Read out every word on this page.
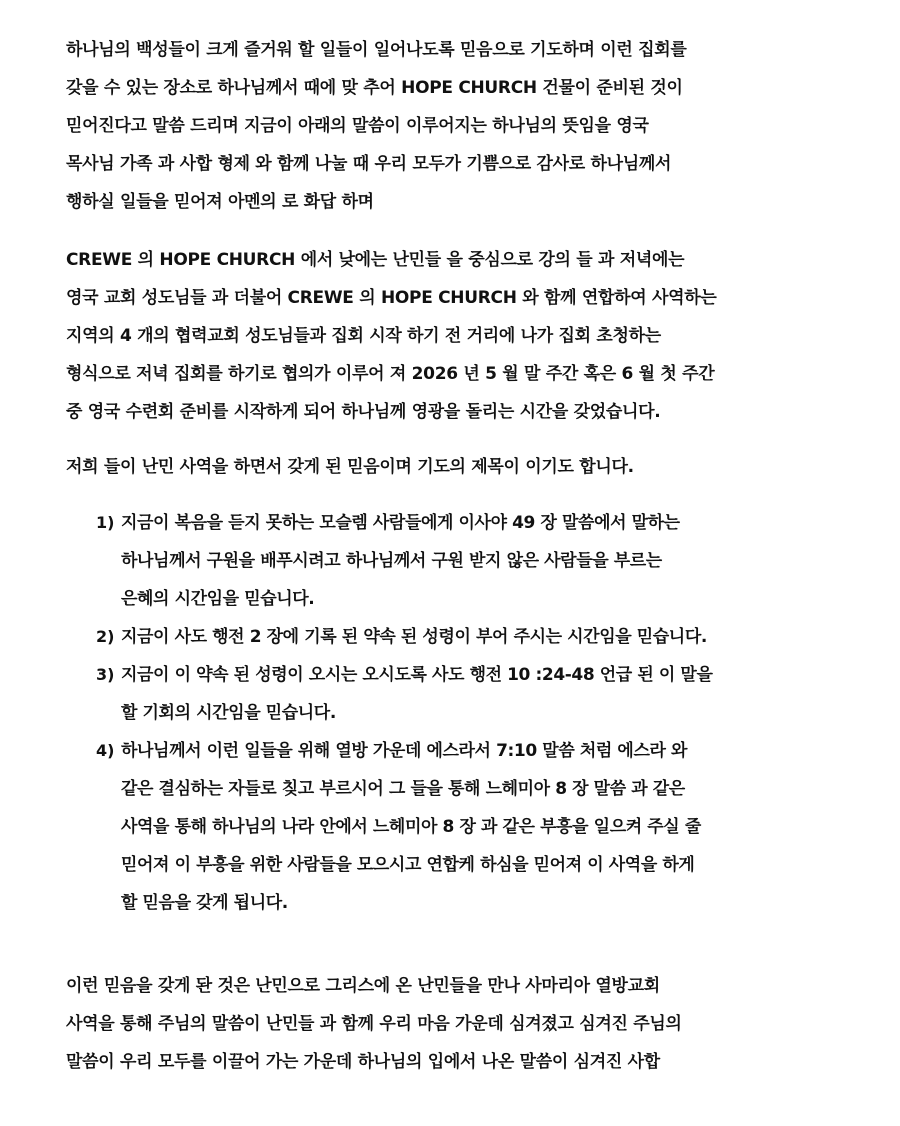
하나님의 백성들이 크게 즐거워 할 일들이 일어나도록 믿음으로 기도하며 이런 집회를
갖을 수 있는 장소로 하나님께서 때에 맞 추어 HOPE CHURCH 건물이 준비된 것이
믿어진다고 말씀 드리며 지금이 아래의 말씀이 이루어지는 하나님의 뜻임을 영국
목사님 가족 과 사합 형제 와 함께 나눌 때 우리 모두가 기쁨으로 감사로 하나님께서
행하실 일들을 믿어져 아멘의 로 화답 하며
CREWE 의 HOPE CHURCH 에서 낮에는 난민들 을 중심으로 강의 들 과 저녁에는
영국 교회 성도님들 과 더불어 CREWE 의 HOPE CHURCH 와 함께 연합하여 사역하는
지역의 4 개의 협력교회 성도님들과 집회 시작 하기 전 거리에 나가 집회 초청하는
형식으로 저녁 집회를 하기로 협의가 이루어 져 2026 년 5 월 말 주간 혹은 6 월 첫 주간
중 영국 수련회 준비를 시작하게 되어 하나님께 영광을 돌리는 시간을 갖었습니다.
저희 들이 난민 사역을 하면서 갖게 된 믿음이며 기도의 제목이 이기도 합니다.
1) 지금이 복음을 듣지 못하는 모슬렘 사람들에게 이사야 49 장 말씀에서 말하는
하나님께서 구원을 배푸시려고 하나님께서 구원 받지 않은 사람들을 부르는
은혜의 시간임을 믿습니다.
2) 지금이 사도 행전 2 장에 기록 된 약속 된 성령이 부어 주시는 시간임을 믿습니다.
3) 지금이 이 약속 된 성령이 오시는 오시도록 사도 행전 10 :24-48 언급 된 이 말을
할 기회의 시간임을 믿습니다.
4) 하나님께서 이런 일들을 위해 열방 가운데 에스라서 7:10 말씀 처럼 에스라 와
같은 결심하는 자들로 칮고 부르시어 그 들을 통해 느헤미아 8 장 말씀 과 같은
사역을 통해 하나님의 나라 안에서 느헤미아 8 장 과 같은 부흥을 일으켜 주실 줄
믿어져 이 부흥을 위한 사람들을 모으시고 연합케 하심을 믿어져 이 사역을 하게
할 믿음을 갖게 됩니다.
이런 믿음을 갖게 돤 것은 난민으로 그리스에 온 난민들을 만나 사마리아 열방교회
사역을 통해 주님의 말씀이 난민들 과 함께 우리 마음 가운데 심겨졌고 심겨진 주님의
말씀이 우리 모두를 이끌어 가는 가운데 하나님의 입에서 나온 말씀이 심겨진 사합
